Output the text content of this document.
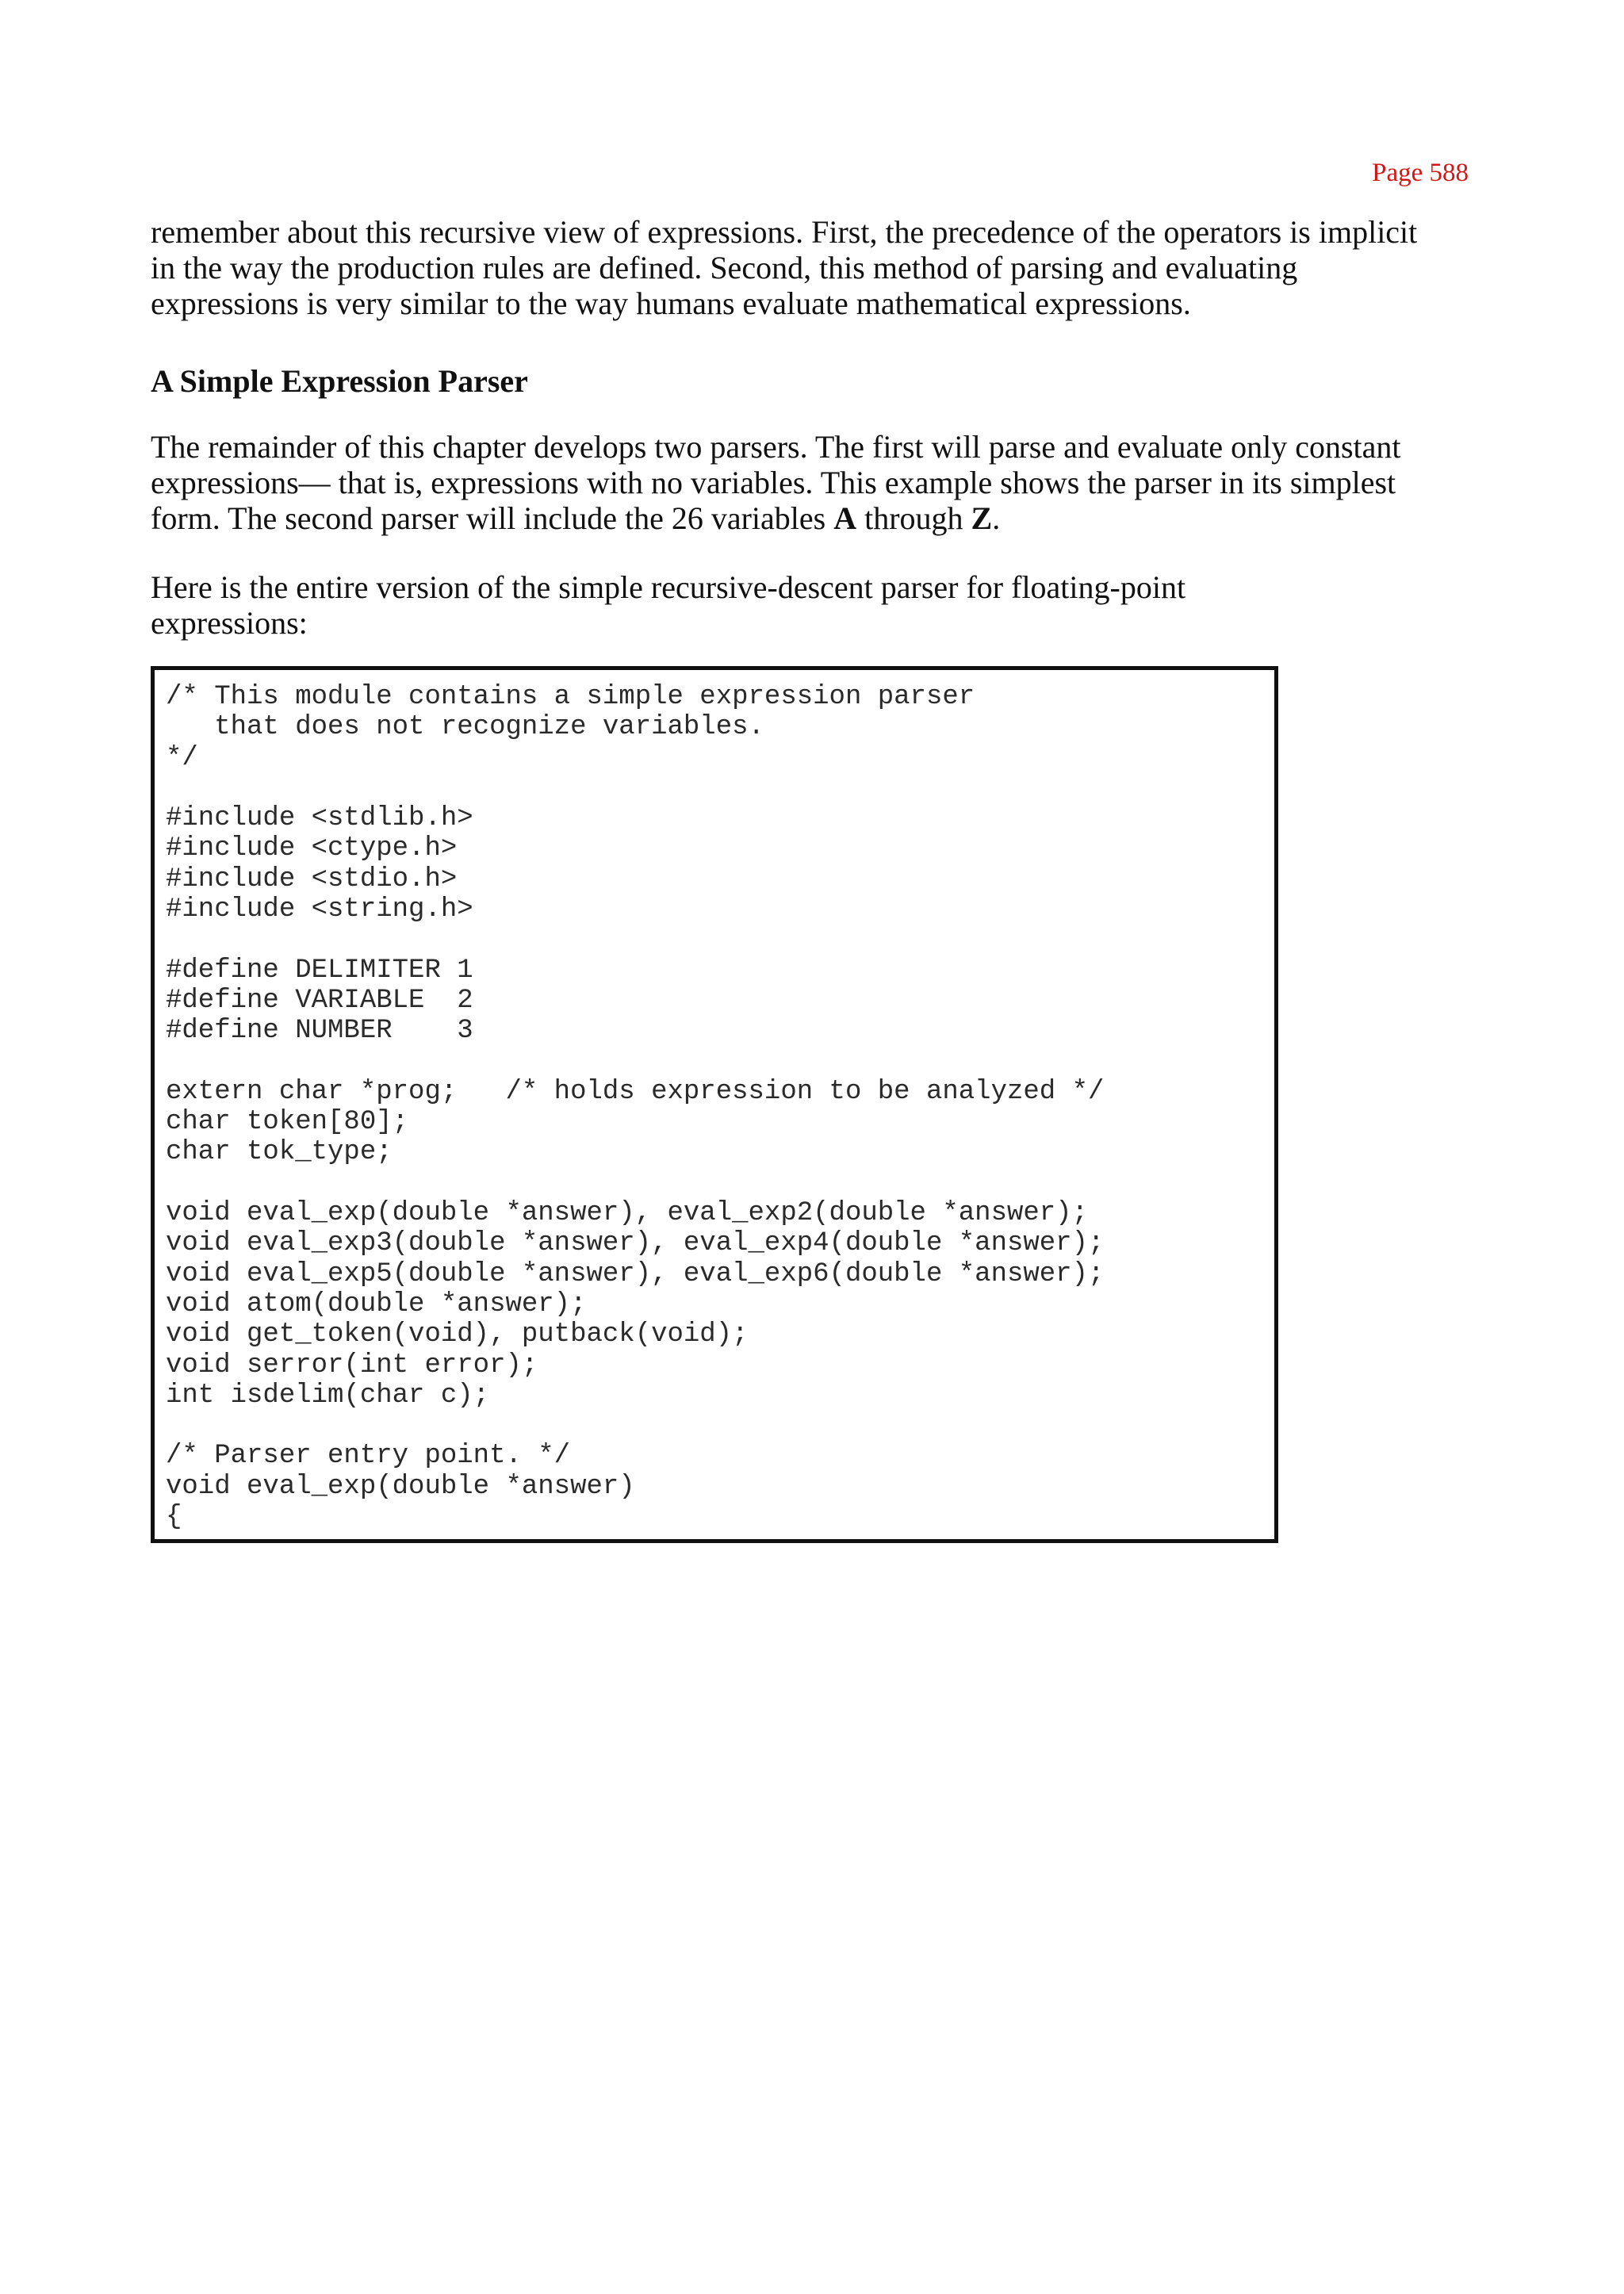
Page 588

remember about this recursive view of expressions. First, the precedence of the operators is implicit
in the way the production rules are defined. Second, this method of parsing and evaluating
expressions is very similar to the way humans evaluate mathematical expressions.

A Simple Expression Parser

The remainder of this chapter develops two parsers. The first will parse and evaluate only constant
expressions— that is, expressions with no variables. This example shows the parser in its simplest
form. The second parser will include the 26 variables A through Z.

Here is the entire version of the simple recursive-descent parser for floating-point
expressions:

/* This module contains a simple expression parser
that does not recognize variables.
*/
#include <stdlib.h>
#include <ctype.h>
#include <stdio.h>
#include <string.h>
#define DELIMITER 1
#define VARIABLE  2
#define NUMBER    3
extern char *prog;   /* holds expression to be analyzed */
char token[80];
char tok_type;
void eval_exp(double *answer), eval_exp2(double *answer);
void eval_exp3(double *answer), eval_exp4(double *answer);
void eval_exp5(double *answer), eval_exp6(double *answer);
void atom(double *answer);
void get_token(void), putback(void);
void serror(int error);
int isdelim(char c);
/* Parser entry point. */
void eval_exp(double *answer)
{
